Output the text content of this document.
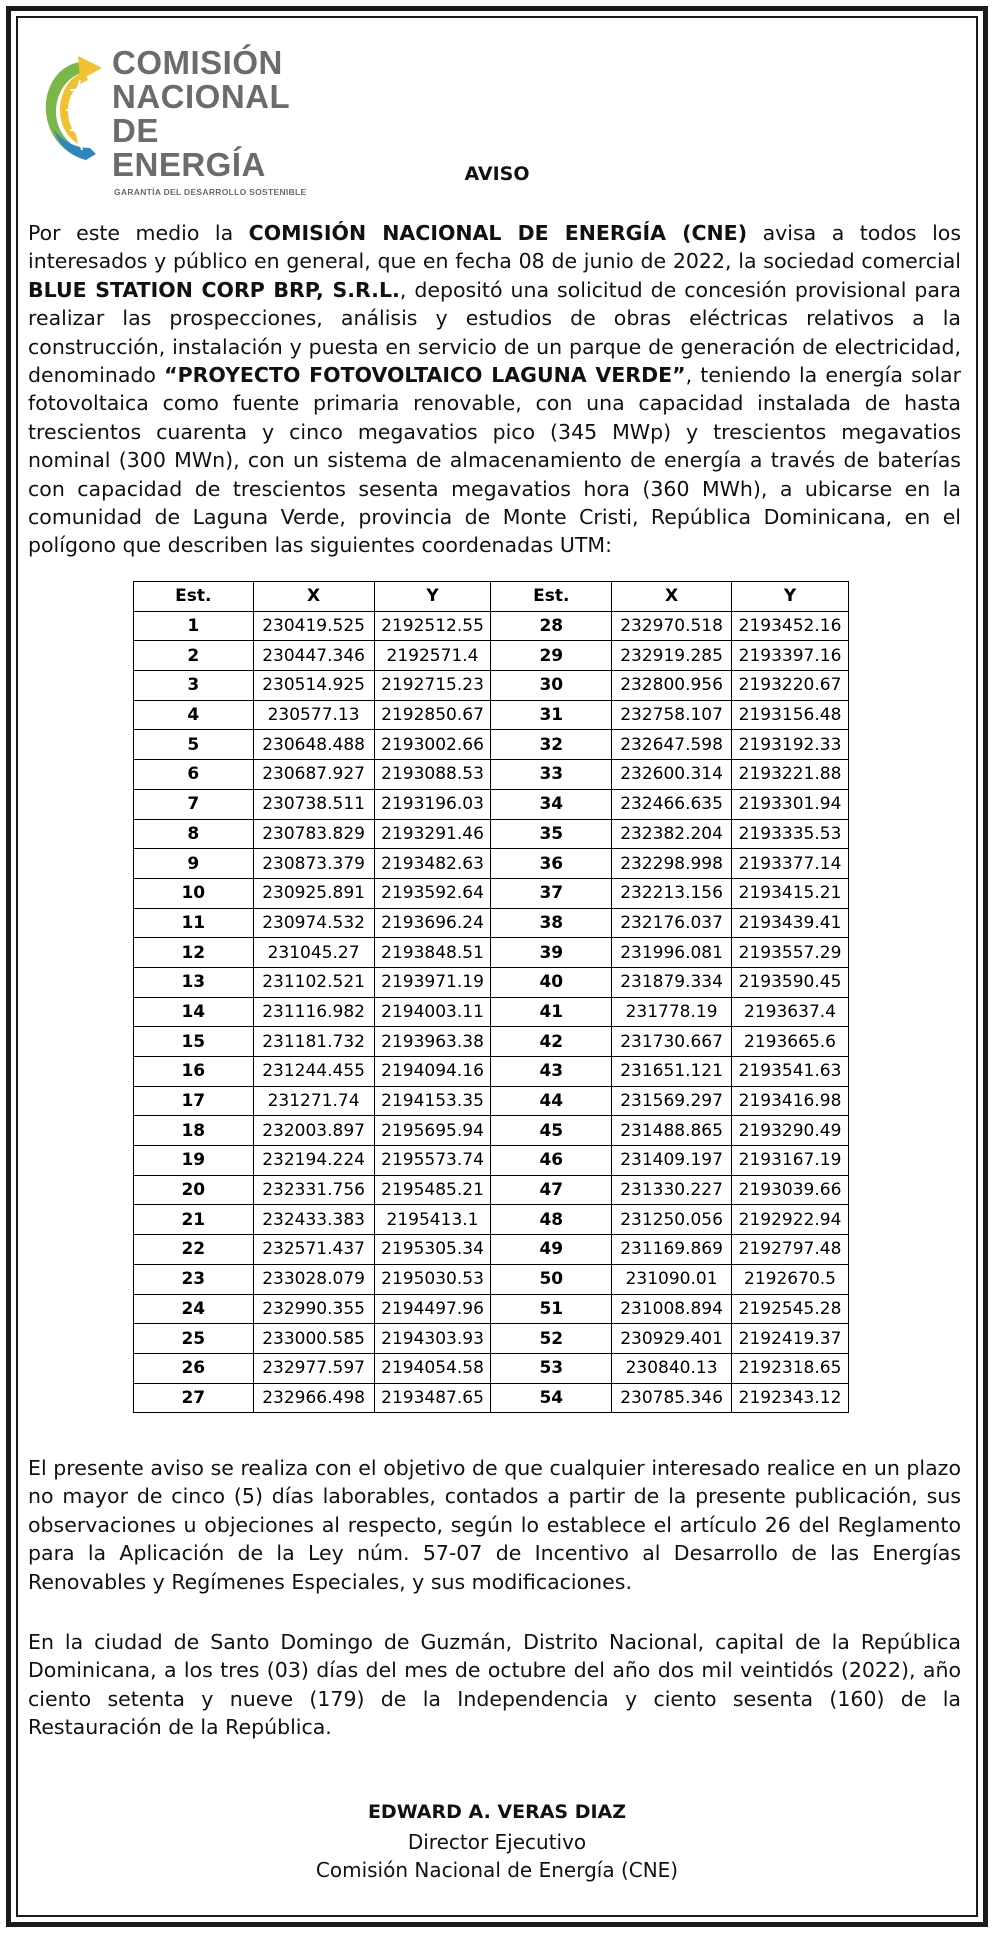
COMISIÓN
NACIONAL DE
ENERGÍA
GARANTÍA DEL DESARROLLO SOSTENIBLE
AVISO

Por este medio la COMISIÓN NACIONAL DE ENERGÍA (CNE) avisa a todos los interesados y público en general, que en fecha 08 de junio de 2022, la sociedad comercial BLUE STATION CORP BRP, S.R.L., depositó una solicitud de concesión provisional para realizar las prospecciones, análisis y estudios de obras eléctricas relativos a la construcción, instalación y puesta en servicio de un parque de generación de electricidad, denominado “PROYECTO FOTOVOLTAICO LAGUNA VERDE”, teniendo la energía solar fotovoltaica como fuente primaria renovable, con una capacidad instalada de hasta trescientos cuarenta y cinco megavatios pico (345 MWp) y trescientos megavatios nominal (300 MWn), con un sistema de almacenamiento de energía a través de baterías con capacidad de trescientos sesenta megavatios hora (360 MWh), a ubicarse en la comunidad de Laguna Verde, provincia de Monte Cristi, República Dominicana, en el polígono que describen las siguientes coordenadas UTM:

Est.	X	Y	Est.	X	Y
1	230419.525	2192512.55	28	232970.518	2193452.16
2	230447.346	2192571.4	29	232919.285	2193397.16
3	230514.925	2192715.23	30	232800.956	2193220.67
4	230577.13	2192850.67	31	232758.107	2193156.48
5	230648.488	2193002.66	32	232647.598	2193192.33
6	230687.927	2193088.53	33	232600.314	2193221.88
7	230738.511	2193196.03	34	232466.635	2193301.94
8	230783.829	2193291.46	35	232382.204	2193335.53
9	230873.379	2193482.63	36	232298.998	2193377.14
10	230925.891	2193592.64	37	232213.156	2193415.21
11	230974.532	2193696.24	38	232176.037	2193439.41
12	231045.27	2193848.51	39	231996.081	2193557.29
13	231102.521	2193971.19	40	231879.334	2193590.45
14	231116.982	2194003.11	41	231778.19	2193637.4
15	231181.732	2193963.38	42	231730.667	2193665.6
16	231244.455	2194094.16	43	231651.121	2193541.63
17	231271.74	2194153.35	44	231569.297	2193416.98
18	232003.897	2195695.94	45	231488.865	2193290.49
19	232194.224	2195573.74	46	231409.197	2193167.19
20	232331.756	2195485.21	47	231330.227	2193039.66
21	232433.383	2195413.1	48	231250.056	2192922.94
22	232571.437	2195305.34	49	231169.869	2192797.48
23	233028.079	2195030.53	50	231090.01	2192670.5
24	232990.355	2194497.96	51	231008.894	2192545.28
25	233000.585	2194303.93	52	230929.401	2192419.37
26	232977.597	2194054.58	53	230840.13	2192318.65
27	232966.498	2193487.65	54	230785.346	2192343.12

El presente aviso se realiza con el objetivo de que cualquier interesado realice en un plazo no mayor de cinco (5) días laborables, contados a partir de la presente publicación, sus observaciones u objeciones al respecto, según lo establece el artículo 26 del Reglamento para la Aplicación de la Ley núm. 57-07 de Incentivo al Desarrollo de las Energías Renovables y Regímenes Especiales, y sus modificaciones.

En la ciudad de Santo Domingo de Guzmán, Distrito Nacional, capital de la República Dominicana, a los tres (03) días del mes de octubre del año dos mil veintidós (2022), año ciento setenta y nueve (179) de la Independencia y ciento sesenta (160) de la Restauración de la República.

EDWARD A. VERAS DIAZ
Director Ejecutivo
Comisión Nacional de Energía (CNE)
